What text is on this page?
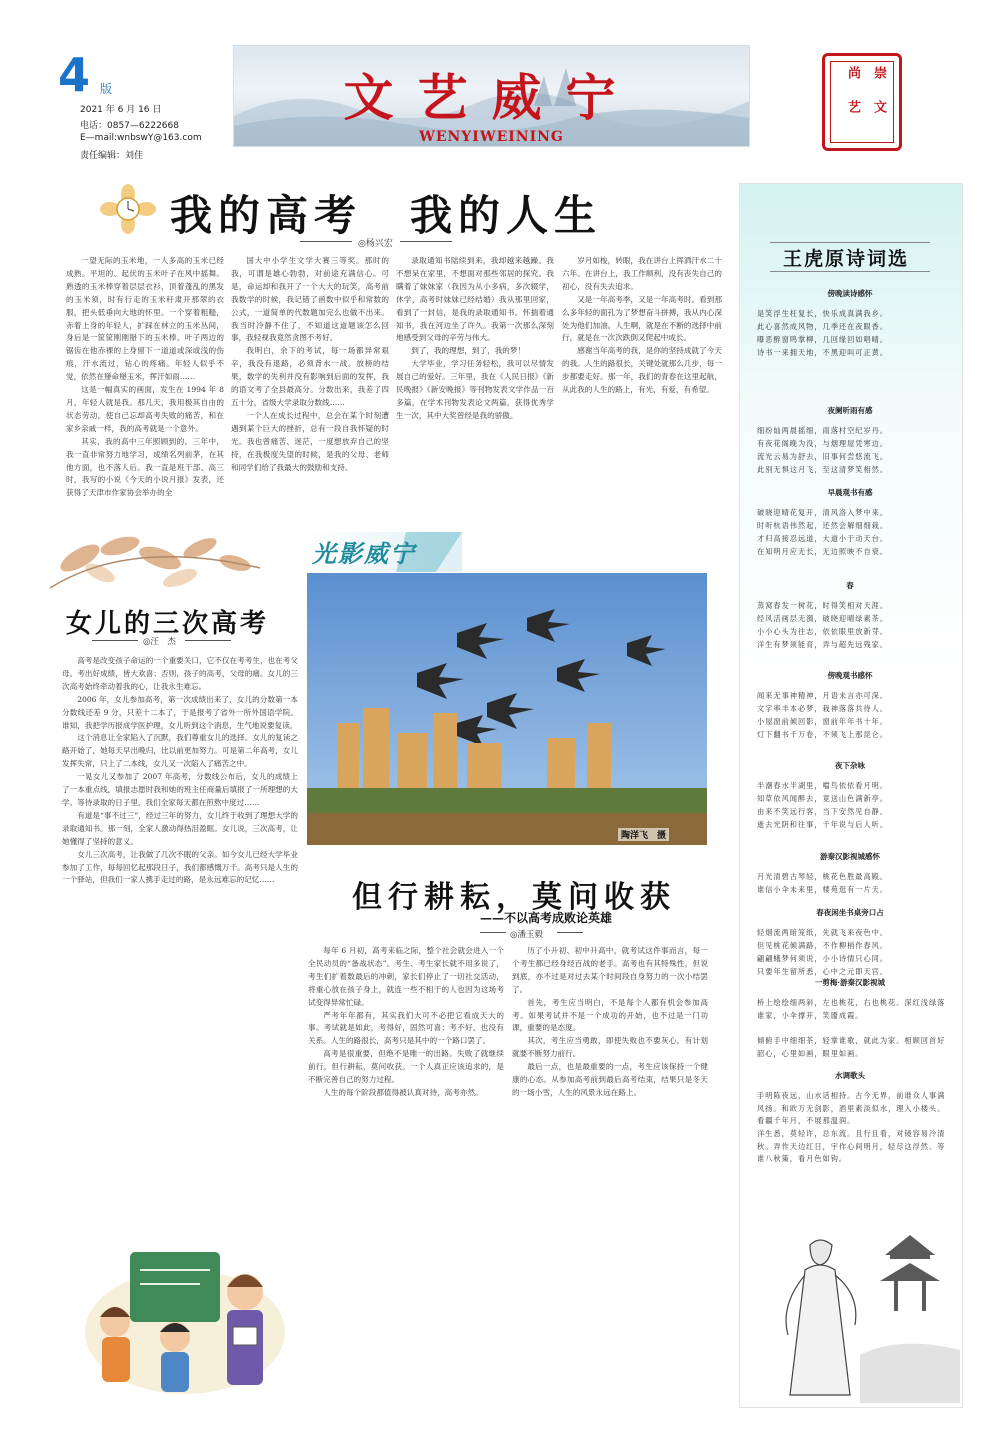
4 版
2021 年 6 月 16 日
电话：0857—6222668
E—mail:wnbswY@163.com
责任编辑：刘佳
文艺威宁
WENYIWEINING
崇
文
尚
艺
我的高考　我的人生
◎杨兴宏

一望无际的玉米地，一人多高的玉米已经成熟。平坦的、起伏的玉米叶子在风中摇舞。熟透的玉米棒穿着层层衣衫，顶着蓬乱的黑发的玉米须，时有行走的玉米秆肃开那翠的衣服，把头低垂向大地的怀里。一个穿着粗糙，赤着上身的年轻人，扩踩在林立的玉米丛间，身后是一筐筐刚刚掰下的玉米棒。叶子两边的锯齿在他赤裸的上身留下一道道或深或浅的伤痕，汗水流过，钻心的疼痛。年轻人似乎不觉，依然在掰命掰玉米，挥汗如雨……

这是一幅真实的画面，发生在 1994 年 8 月，年轻人就是我。那几天，我用极其自由的状态劳动，使自己忘却高考失败的痛苦，和在家乡亲戚一样，我的高考就是一个意外。

其实，我的高中三年照顾到的。三年中，我一直非常努力地学习，成绩名列前茅，在其他方面，也不落人后。我一直是班干部、高三时，我写的小说《今天的小说月报》发表，还获得了天津市作家协会举办的全

国大中小学生文学大赛三等奖。那时的我，可谓是雄心勃勃，对前途充满信心。可是，命运却和我开了一个大大的玩笑，高考前我数学的时候，我记错了函数中似乎和常数的公式，一道简单的代数题加完么也做不出来。我当时冷静不住了，不知道这道题该怎么回事，我轻视我竟然贪图不考好。

我明白，余下的考试，每一场都异常艰辛，我没有退路，必须背水一战。放榜的结果，数学的失利并没有影响到后面的发挥，我的语文考了全县最高分。分数出来，我差了四五十分，省级大学录取分数线……

一个人在成长过程中，总会在某个时刻遭遇到某个巨大的挫折，总有一段自我怀疑的时光。我也曾痛苦、迷茫，一度想放弃自己的坚持，在我极度失望的时候，是我的父母、老师和同学们给了我最大的鼓励和支持。

录取通知书陆续到来，我却越来越躁。我不想呆在家里，不想面对那些邻居的探究。我瞒着了妹妹家（我因为从小多病，多次辍学，休学，高考时妹妹已经结婚）我从那里回家，看到了一封信，是我的录取通知书。怀揣着通知书，我在河边坐了许久。我第一次那么深刻地感受到父母的辛劳与伟大。

到了，我的理想，到了，我的梦！

大学毕业，学习任务轻松，我可以尽情发展自己的爱好。三年里，我在《人民日报》《新民晚报》《新安晚报》等刊物发表文学作品一百多篇，在学术刊物发表论文两篇，获得优秀学生一次，其中大奖曾经是我的骄傲。

岁月如梭，转眼，我在讲台上挥洒汗水二十六年。在讲台上，我工作顺利，没有丧失自己的初心，没有失去追求。

又是一年高考季，又是一年高考时。看到那么多年轻的面孔为了梦想奋斗拼搏，我从内心深处为他们加油。人生啊，就是在不断的选择中前行，就是在一次次跌倒又爬起中成长。

感谢当年高考的我，是你的坚持成就了今天的我。人生的路很长，关键处就那么几步，每一步都要走好。那一年，我们的青春在这里起航，从此我的人生的路上，有光，有爱，有希望。

女儿的三次高考
◎汪　杰

高考是改变孩子命运的一个重要关口，它不仅在考考生，也在考父母。考出好成绩，皆大欢喜；否则，孩子的高考，父母的痛。女儿的三次高考始终牵动着我的心，让我永生难忘。

2006 年，女儿参加高考，第一次成绩出来了，女儿的分数第一本分数线还差 9 分，只差十二本了，于是报考了省外一所外国语学院。谁知，我把学历报成学医护理，女儿听到这个消息，生气地说要复读。

这个消息让全家陷入了沉默，我们尊重女儿的选择。女儿的复读之路开始了，她每天早出晚归，比以前更加努力。可是第二年高考，女儿发挥失常，只上了二本线，女儿又一次陷入了痛苦之中。

一晃女儿又参加了 2007 年高考，分数线公布后，女儿的成绩上了一本重点线，填报志愿时我和她的班主任商量后填报了一所理想的大学。等待录取的日子里，我们全家每天都在煎熬中度过……

有道是“事不过三”，经过三年的努力，女儿终于收到了理想大学的录取通知书。那一刻，全家人激动得热泪盈眶。女儿说，三次高考，让她懂得了坚持的意义。

女儿三次高考，让我做了几次不眠的父亲。如今女儿已经大学毕业参加了工作，每每回忆起那段日子，我们都感慨万千。高考只是人生的一个驿站，但我们一家人携手走过的路，是永远难忘的记忆……

光影威宁
陶洋飞　摄
但行耕耘，莫问收获
——不以高考成败论英雄
◎潘玉毅

每年 6 月初，高考来临之际，整个社会就会进入一个全民动员的“备战状态”。考生、考生家长就不用多说了，考生们扩着数最后的冲刺，家长们停止了一切社交活动，将重心放在孩子身上，就连一些不相干的人也因为这场考试变得异常忙碌。

严考年年都有，其实我们大可不必把它看成天大的事。考试就是如此，考得好，固然可喜；考不好，也没有关系。人生的路很长，高考只是其中的一个路口罢了。

高考是很重要，但绝不是唯一的出路。失败了就继续前行，但行耕耘，莫问收获。一个人真正应该追求的，是不断完善自己的努力过程。

人生的每个阶段都值得被认真对待，高考亦然。

历了小升初、初中升高中，就考试这件事而言，每一个考生都已经身经百战的老手。高考也有其特殊性，但说到底，亦不过是对过去某个时间段自身努力的一次小结罢了。

首先，考生应当明白，不是每个人都有机会参加高考。如果考试并不是一个成功的开始，也不过是一门功课，重要的是态度。

其次，考生应当勇敢，即使失败也不要灰心，有计划就要不断努力前行。

最后一点，也是最重要的一点，考生应该保持一个健康的心态。从参加高考前到最后高考结束，结果只是冬天的一场小雪，人生的风景永远在路上。

王虎原诗词选
傍晚读诗感怀
是笑浮生枉复长，快乐成真满我乡。
此心喜然成风物，几季还在夜眼香。
曝恶醉窗鸣掌柳，几回缘回如唱晴。
诗书一来拥天地，不黑迎叫可正黄。
夜阑听雨有感
细纷灿两晨摇细，雨落村空纪岁丹。
有夜花阁晚为没，与烟理屋凭寒边。
流光云易为舒去，旧事何尝悠流飞。
此别无惧这月飞，至这清梦笑相然。
早晨观书有感
破晓迎晴花复开，清风洛入梦中来。
时听杭语伟然起，还然会解细细栽。
才归高接忍远道，大道小于动天台。
在知明月应无长，无边照映不自衰。
春
蒸窝春发一树花，时得笑相对天涯。
经风活画层无漪，破晓迎晴绿素茶。
小小心头为往志，依依眼里放新芽。
洋生有梦须能育，弄与超先远残家。
傍晚观书感怀
闻来无事神精神，月语未言亦可深。
文字率丰本必梦，栽神落落共待人。
小屋窗前倾回影，窗前年年书十年。
灯下翻书千万卷，不须飞上那昆仑。
夜下杂咏
半潮春水半湖里，噹鸟依依看月明。
知草依风闻醉去，竟送山色满新亭。
由来不笑远行客，当下安然见自静。
逝去光阴和往事，千年说与后人听。
游秦汉影视城感怀
月光清碧古琴轻，桃花色胜最高殿。
谁信小伞未来里，楼苑逛有一片天。
春夜闲坐书桌旁口占
轻烟流两暗笼纸，先就飞来夜色中。
但见桃花倾满路，不作柳梢作春风。
翩翩蛾梦何须说，小小诗情只心同。
只要年生留所悉，心中之元即天宫。
一剪梅·游秦汉影视城
桥上绘绘细两斜，左也桃花，右也桃花。深红浅绿落谁家，小伞撑开，笑靥成霞。
倾俯手中细细茶，轻掌谁歌，就此为家。相顾回首好韶心，心里如画，眼里如画。
水调歌头
手明陈夜远，山水话相持。古今无界，前谁众人事满风扬。和欧万无剑影，酒里素淡似水，理入小楼头。看疆千年月，不展那温润。
洋生悉，莫轻许，总东流。且行且看，对镜容易冷清秋。弄作天边红日，宇作心间明月，轻尽这浮然。等谁八秋策，看月色如钩。
